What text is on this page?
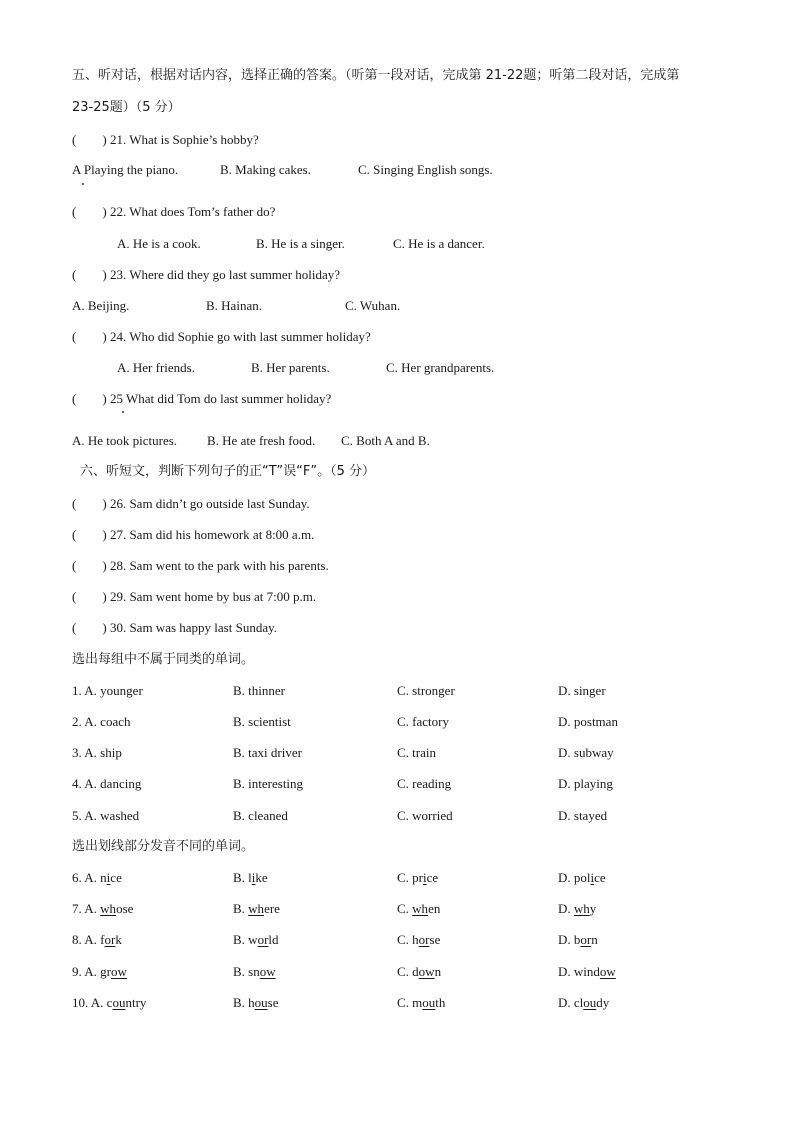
五、听对话，根据对话内容，选择正确的答案。（听第一段对话，完成第 21-22题；听第二段对话，完成第
23-25题）（5 分）
( ) 21. What is Sophie’s hobby?
A Playing the piano.	B. Making cakes.	C. Singing English songs.
( ) 22. What does Tom’s father do?
A. He is a cook.	B. He is a singer.	C. He is a dancer.
( ) 23. Where did they go last summer holiday?
A. Beijing.	B. Hainan.	C. Wuhan.
( ) 24. Who did Sophie go with last summer holiday?
A. Her friends.	B. Her parents.	C. Her grandparents.
( ) 25 What did Tom do last summer holiday?
A. He took pictures. B. He ate fresh food. C. Both A and B.
六、听短文，判断下列句子的正“T”误“F”。（5 分）
( ) 26. Sam didn’t go outside last Sunday.
( ) 27. Sam did his homework at 8:00 a.m.
( ) 28. Sam went to the park with his parents.
( ) 29. Sam went home by bus at 7:00 p.m.
( ) 30. Sam was happy last Sunday.
选出每组中不属于同类的单词。
1. A. younger	B. thinner	C. stronger	D. singer
2. A. coach	B. scientist	C. factory	D. postman
3. A. ship	B. taxi driver	C. train	D. subway
4. A. dancing	B. interesting	C. reading	D. playing
5. A. washed	B. cleaned	C. worried	D. stayed
选出划线部分发音不同的单词。
6. A. nice	B. like	C. price	D. police
7. A. whose	B. where	C. when	D. why
8. A. fork	B. world	C. horse	D. born
9. A. grow	B. snow	C. down	D. window
10. A. country	B. house	C. mouth	D. cloudy
